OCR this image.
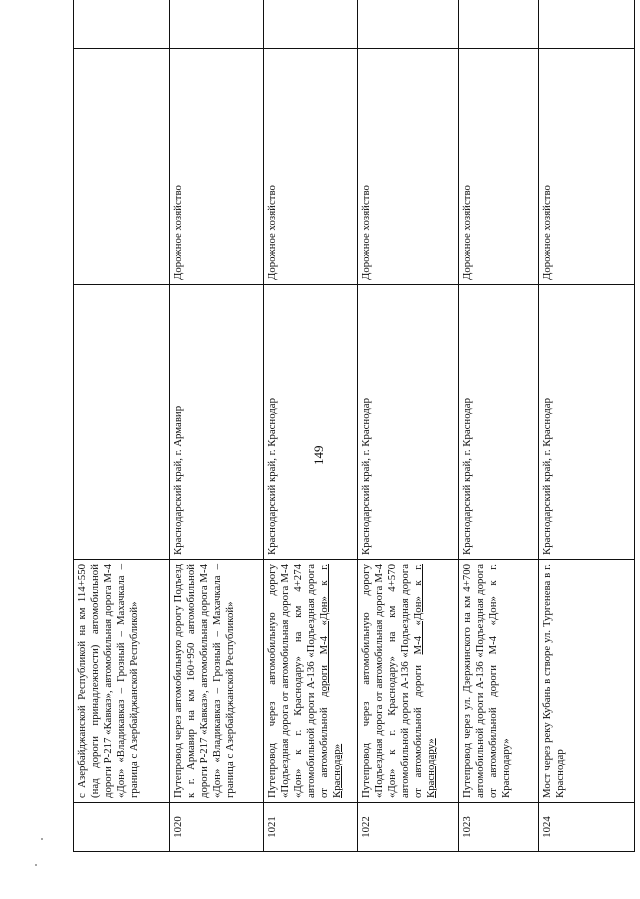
	с Азербайджанской Республикой на км 114+550 (над дороги принадлежности) автомобильной дороги Р-217 «Кавказ», автомобильная дорога М-4 «Дон» «Владикавказ – Грозный – Махачкала – граница с Азербайджанской Республикой»			
1020	Путепровод через автомобильную дорогу Подъезд к г. Армавир на км 160+950 автомобильной дороги Р-217 «Кавказ», автомобильная дорога М-4 «Дон» «Владикавказ – Грозный – Махачкала – граница с Азербайджанской Республикой»	Краснодарский край, г. Армавир	Дорожное хозяйство	
1021	Путепровод через автомобильную дорогу «Подъездная дорога от автомобильная дорога М-4 «Дон» к г. Краснодару» на км 4+274 автомобильной дороги А-136 «Подъездная дорога от автомобильной дороги М-4 «Дон» к г. Краснодар»	Краснодарский край, г. Краснодар	Дорожное хозяйство	
1022	Путепровод через автомобильную дорогу «Подъездная дорога от автомобильная дорога М-4 «Дон» к г. Краснодару» на км 4+570 автомобильной дороги А-136 «Подъездная дорога от автомобильной дороги М-4 «Дон» к г. Краснодару»	Краснодарский край, г. Краснодар	Дорожное хозяйство	
1023	Путепровод через ул. Дзержинского на км 4+700 автомобильной дороги А-136 «Подъездная дорога от автомобильной дороги М-4 «Дон» к г. Краснодару»	Краснодарский край, г. Краснодар	Дорожное хозяйство	
1024	Мост через реку Кубань в створе ул. Тургенева в г. Краснодар	Краснодарский край, г. Краснодар	Дорожное хозяйство	
149
